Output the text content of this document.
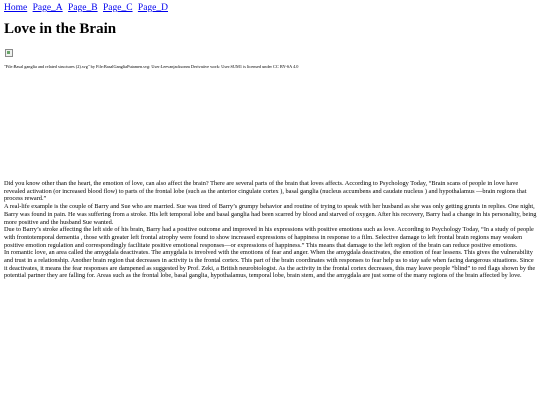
Home Page_A Page_B Page_C Page_D
Love in the Brain
"File:Basal ganglia and related structures (2).svg" by File:BasalGangliaPutamen.svg: User:Leevanjacksonm Derivative work: User:SUM1 is licensed under CC BY-SA 4.0

Did you know other than the heart, the emotion of love, can also affect the brain? There are several parts of the brain that loves affects. According to Psychology Today, “Brain scans of people in love have revealed activation (or increased blood flow) to parts of the frontal lobe (such as the anterior cingulate cortex ), basal ganglia (nucleus accumbens and caudate nucleus ) and hypothalamus —brain regions that process reward.”

A real-life example is the couple of Barry and Sue who are married. Sue was tired of Barry’s grumpy behavior and routine of trying to speak with her husband as she was only getting grunts in replies. One night, Barry was found in pain. He was suffering from a stroke. His left temporal lobe and basal ganglia had been scarred by blood and starved of oxygen. After his recovery, Barry had a change in his personality, being more positive and the husband Sue wanted.

Due to Barry’s stroke affecting the left side of his brain, Barry had a positive outcome and improved in his expressions with positive emotions such as love. According to Psychology Today, “In a study of people with frontotemporal dementia , those with greater left frontal atrophy were found to show increased expressions of happiness in response to a film. Selective damage to left frontal brain regions may weaken positive emotion regulation and correspondingly facilitate positive emotional responses—or expressions of happiness.” This means that damage to the left region of the brain can reduce positive emotions.

In romantic love, an area called the amygdala deactivates. The amygdala is involved with the emotions of fear and anger. When the amygdala deactivates, the emotion of fear lessens. This gives the vulnerability and trust in a relationship. Another brain region that decreases in activity is the frontal cortex. This part of the brain coordinates with responses to fear help us to stay safe when facing dangerous situations. Since it deactivates, it means the fear responses are dampened as suggested by Prof. Zeki, a British neurobiologist. As the activity in the frontal cortex decreases, this may leave people “blind” to red flags shown by the potential partner they are falling for. Areas such as the frontal lobe, basal ganglia, hypothalamus, temporal lobe, brain stem, and the amygdala are just some of the many regions of the brain affected by love.
